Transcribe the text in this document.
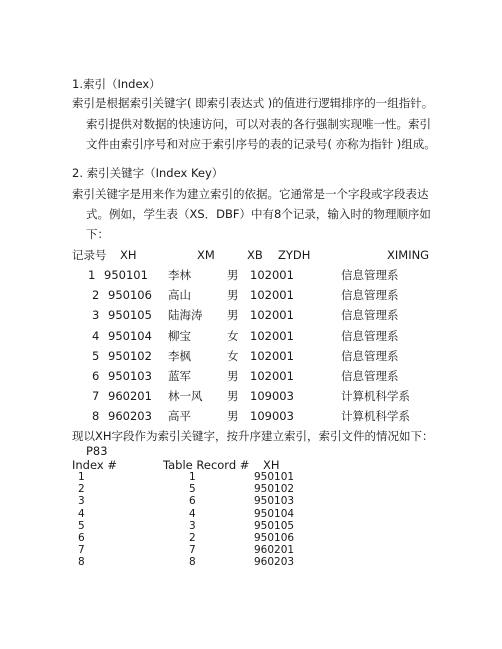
1.索引（Index）
索引是根据索引关键字( 即索引表达式 )的值进行逻辑排序的一组指针。
索引提供对数据的快速访问，可以对表的各行强制实现唯一性。索引
文件由索引序号和对应于索引序号的表的记录号( 亦称为指针 )组成。
2. 索引关键字（Index Key）
索引关键字是用来作为建立索引的依据。它通常是一个字段或字段表达
式。例如，学生表（XS．DBF）中有8个记录，输入时的物理顺序如
下：
记录号 XH	XM	XB ZYDH	XIMING
1 950101 李林	男 102001	信息管理系
2 950106 高山	男 102001	信息管理系
3 950105 陆海涛 男 102001	信息管理系
4 950104 柳宝	女 102001	信息管理系
5 950102 李枫	女 102001	信息管理系
6 950103 蓝军	男 102001	信息管理系
7 960201 林一风 男 109003	计算机科学系
8 960203 高平	男 109003	计算机科学系
现以XH字段作为索引关键字，按升序建立索引，索引文件的情况如下：
P83
Index #	Table Record # XH
1	1	950101
2	5	950102
3	6	950103
4	4	950104
5	3	950105
6	2	950106
7	7	960201
8	8	960203
